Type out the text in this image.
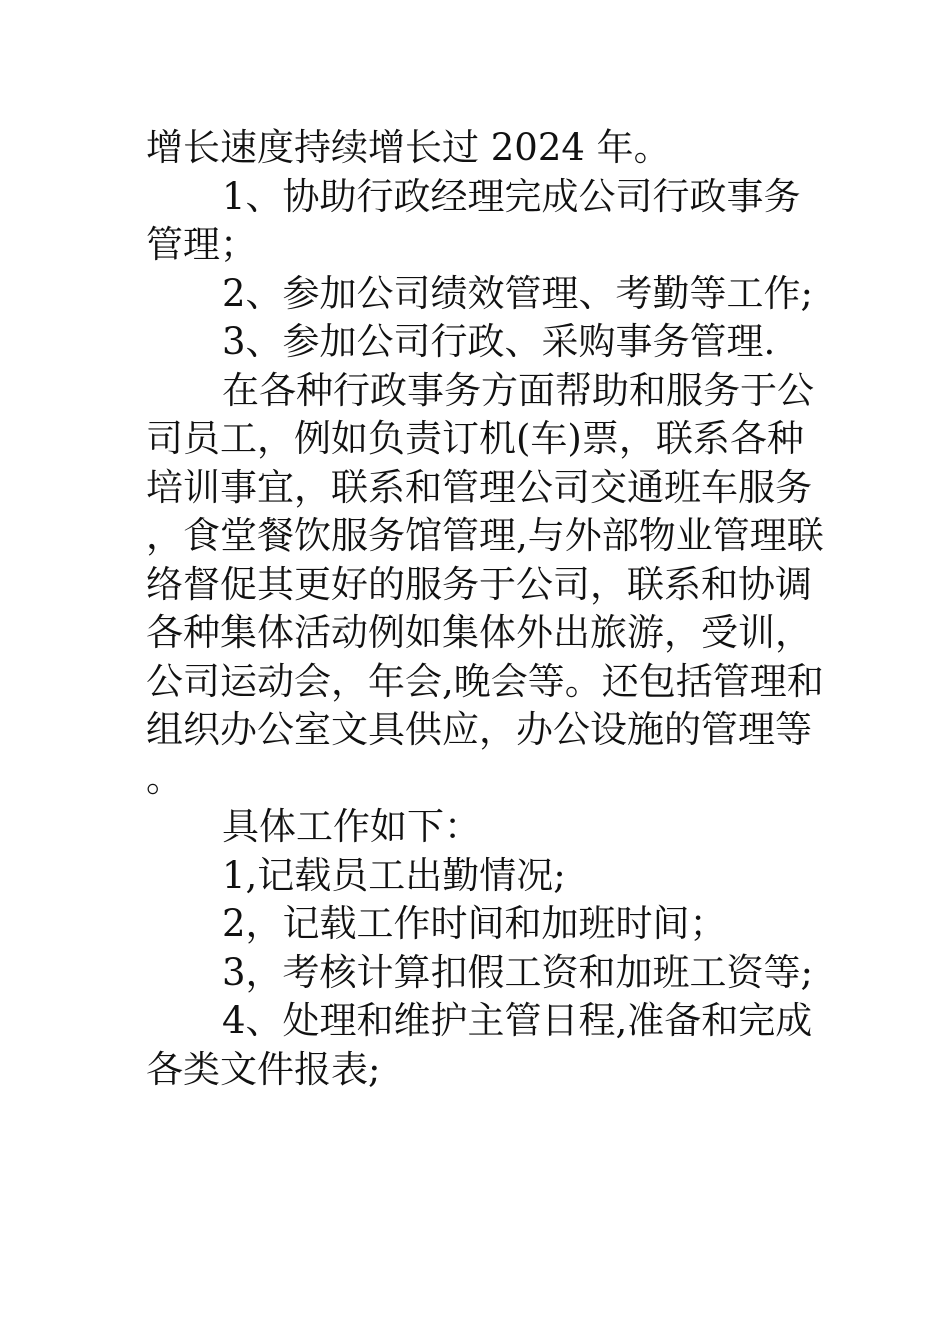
增长速度持续增长过 2024 年。

1、协助行政经理完成公司行政事务管理；

2、参加公司绩效管理、考勤等工作;

3、参加公司行政、采购事务管理.

在各种行政事务方面帮助和服务于公司员工，例如负责订机(车)票，联系各种培训事宜，联系和管理公司交通班车服务，食堂餐饮服务馆管理,与外部物业管理联络督促其更好的服务于公司，联系和协调各种集体活动例如集体外出旅游，受训，公司运动会，年会,晚会等。还包括管理和组织办公室文具供应，办公设施的管理等。

具体工作如下：

1,记载员工出勤情况;

2，记载工作时间和加班时间；

3，考核计算扣假工资和加班工资等;

4、处理和维护主管日程,准备和完成各类文件报表;
